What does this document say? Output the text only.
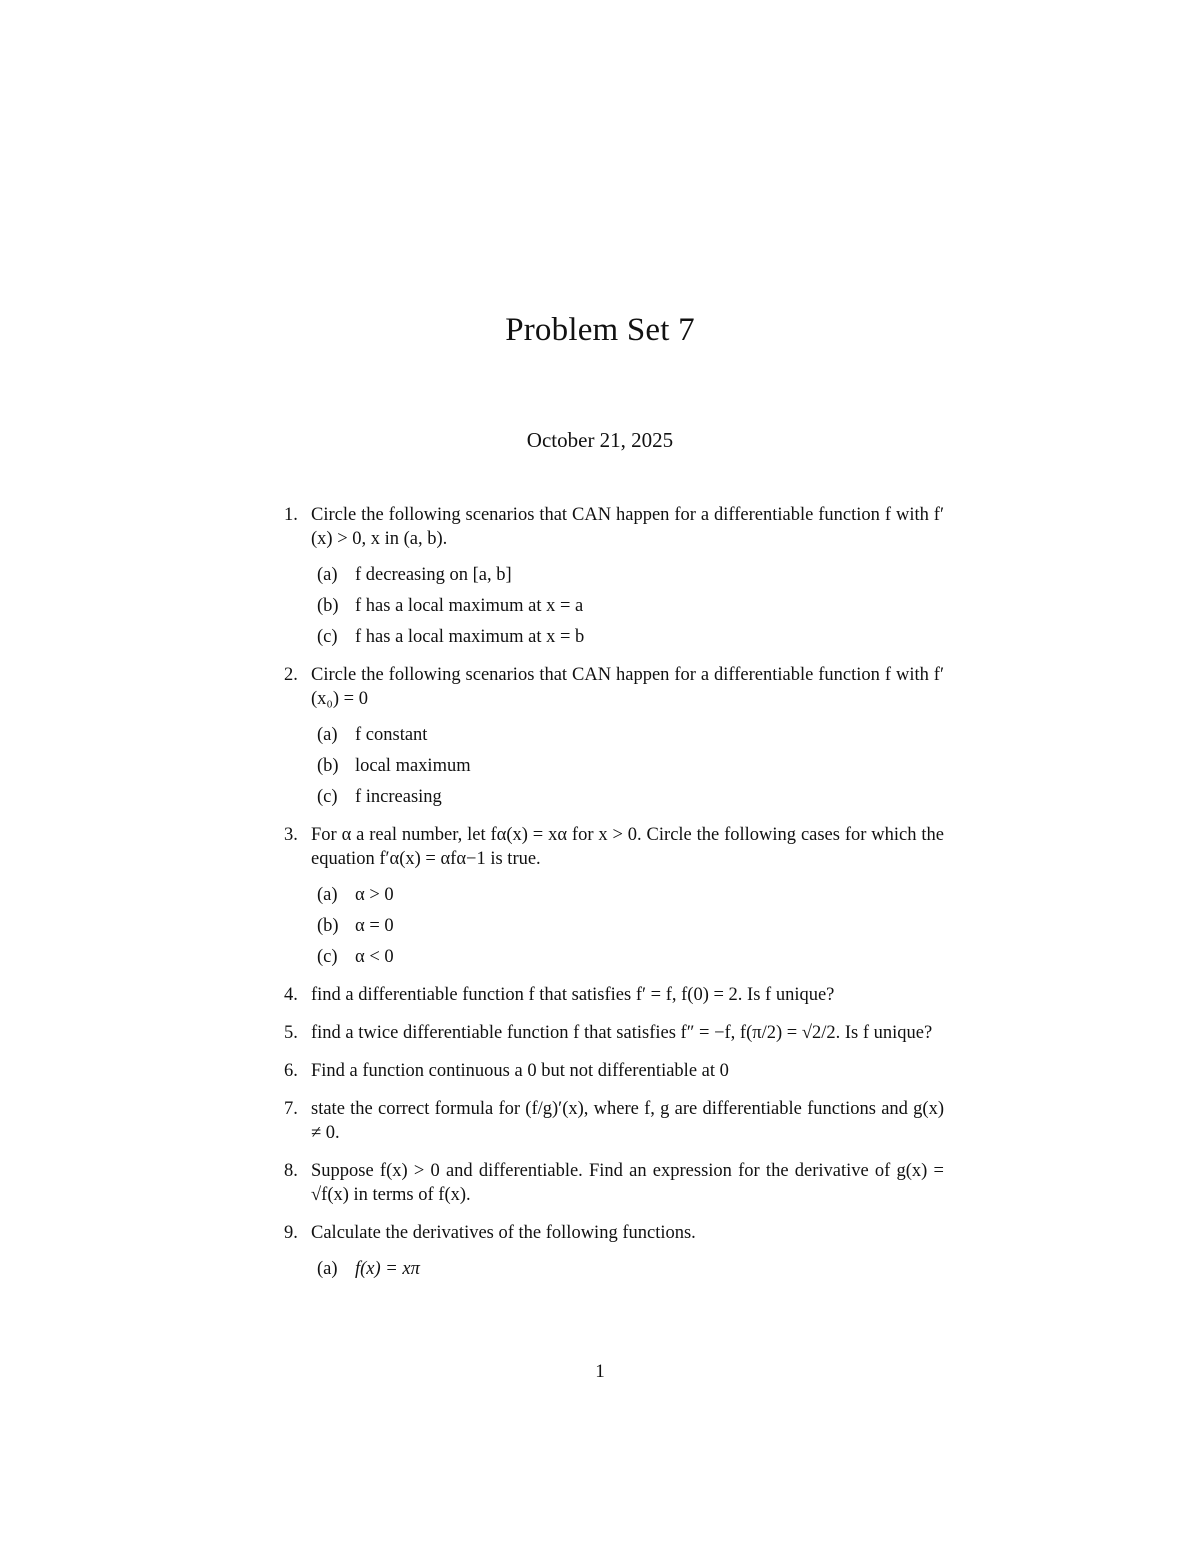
Problem Set 7
October 21, 2025
1. Circle the following scenarios that CAN happen for a differentiable function f with f′(x) > 0, x in (a, b).
(a) f decreasing on [a, b]
(b) f has a local maximum at x = a
(c) f has a local maximum at x = b
2. Circle the following scenarios that CAN happen for a differentiable function f with f′(x₀) = 0
(a) f constant
(b) local maximum
(c) f increasing
3. For α a real number, let fα(x) = xα for x > 0. Circle the following cases for which the equation f′α(x) = αfα−1 is true.
(a) α > 0
(b) α = 0
(c) α < 0
4. find a differentiable function f that satisfies f′ = f, f(0) = 2. Is f unique?
5. find a twice differentiable function f that satisfies f″ = −f, f(π/2) = √2/2. Is f unique?
6. Find a function continuous a 0 but not differentiable at 0
7. state the correct formula for (f/g)′(x), where f, g are differentiable functions and g(x) ≠ 0.
8. Suppose f(x) > 0 and differentiable. Find an expression for the derivative of g(x) = √f(x) in terms of f(x).
9. Calculate the derivatives of the following functions.
(a) f(x) = xπ
1
